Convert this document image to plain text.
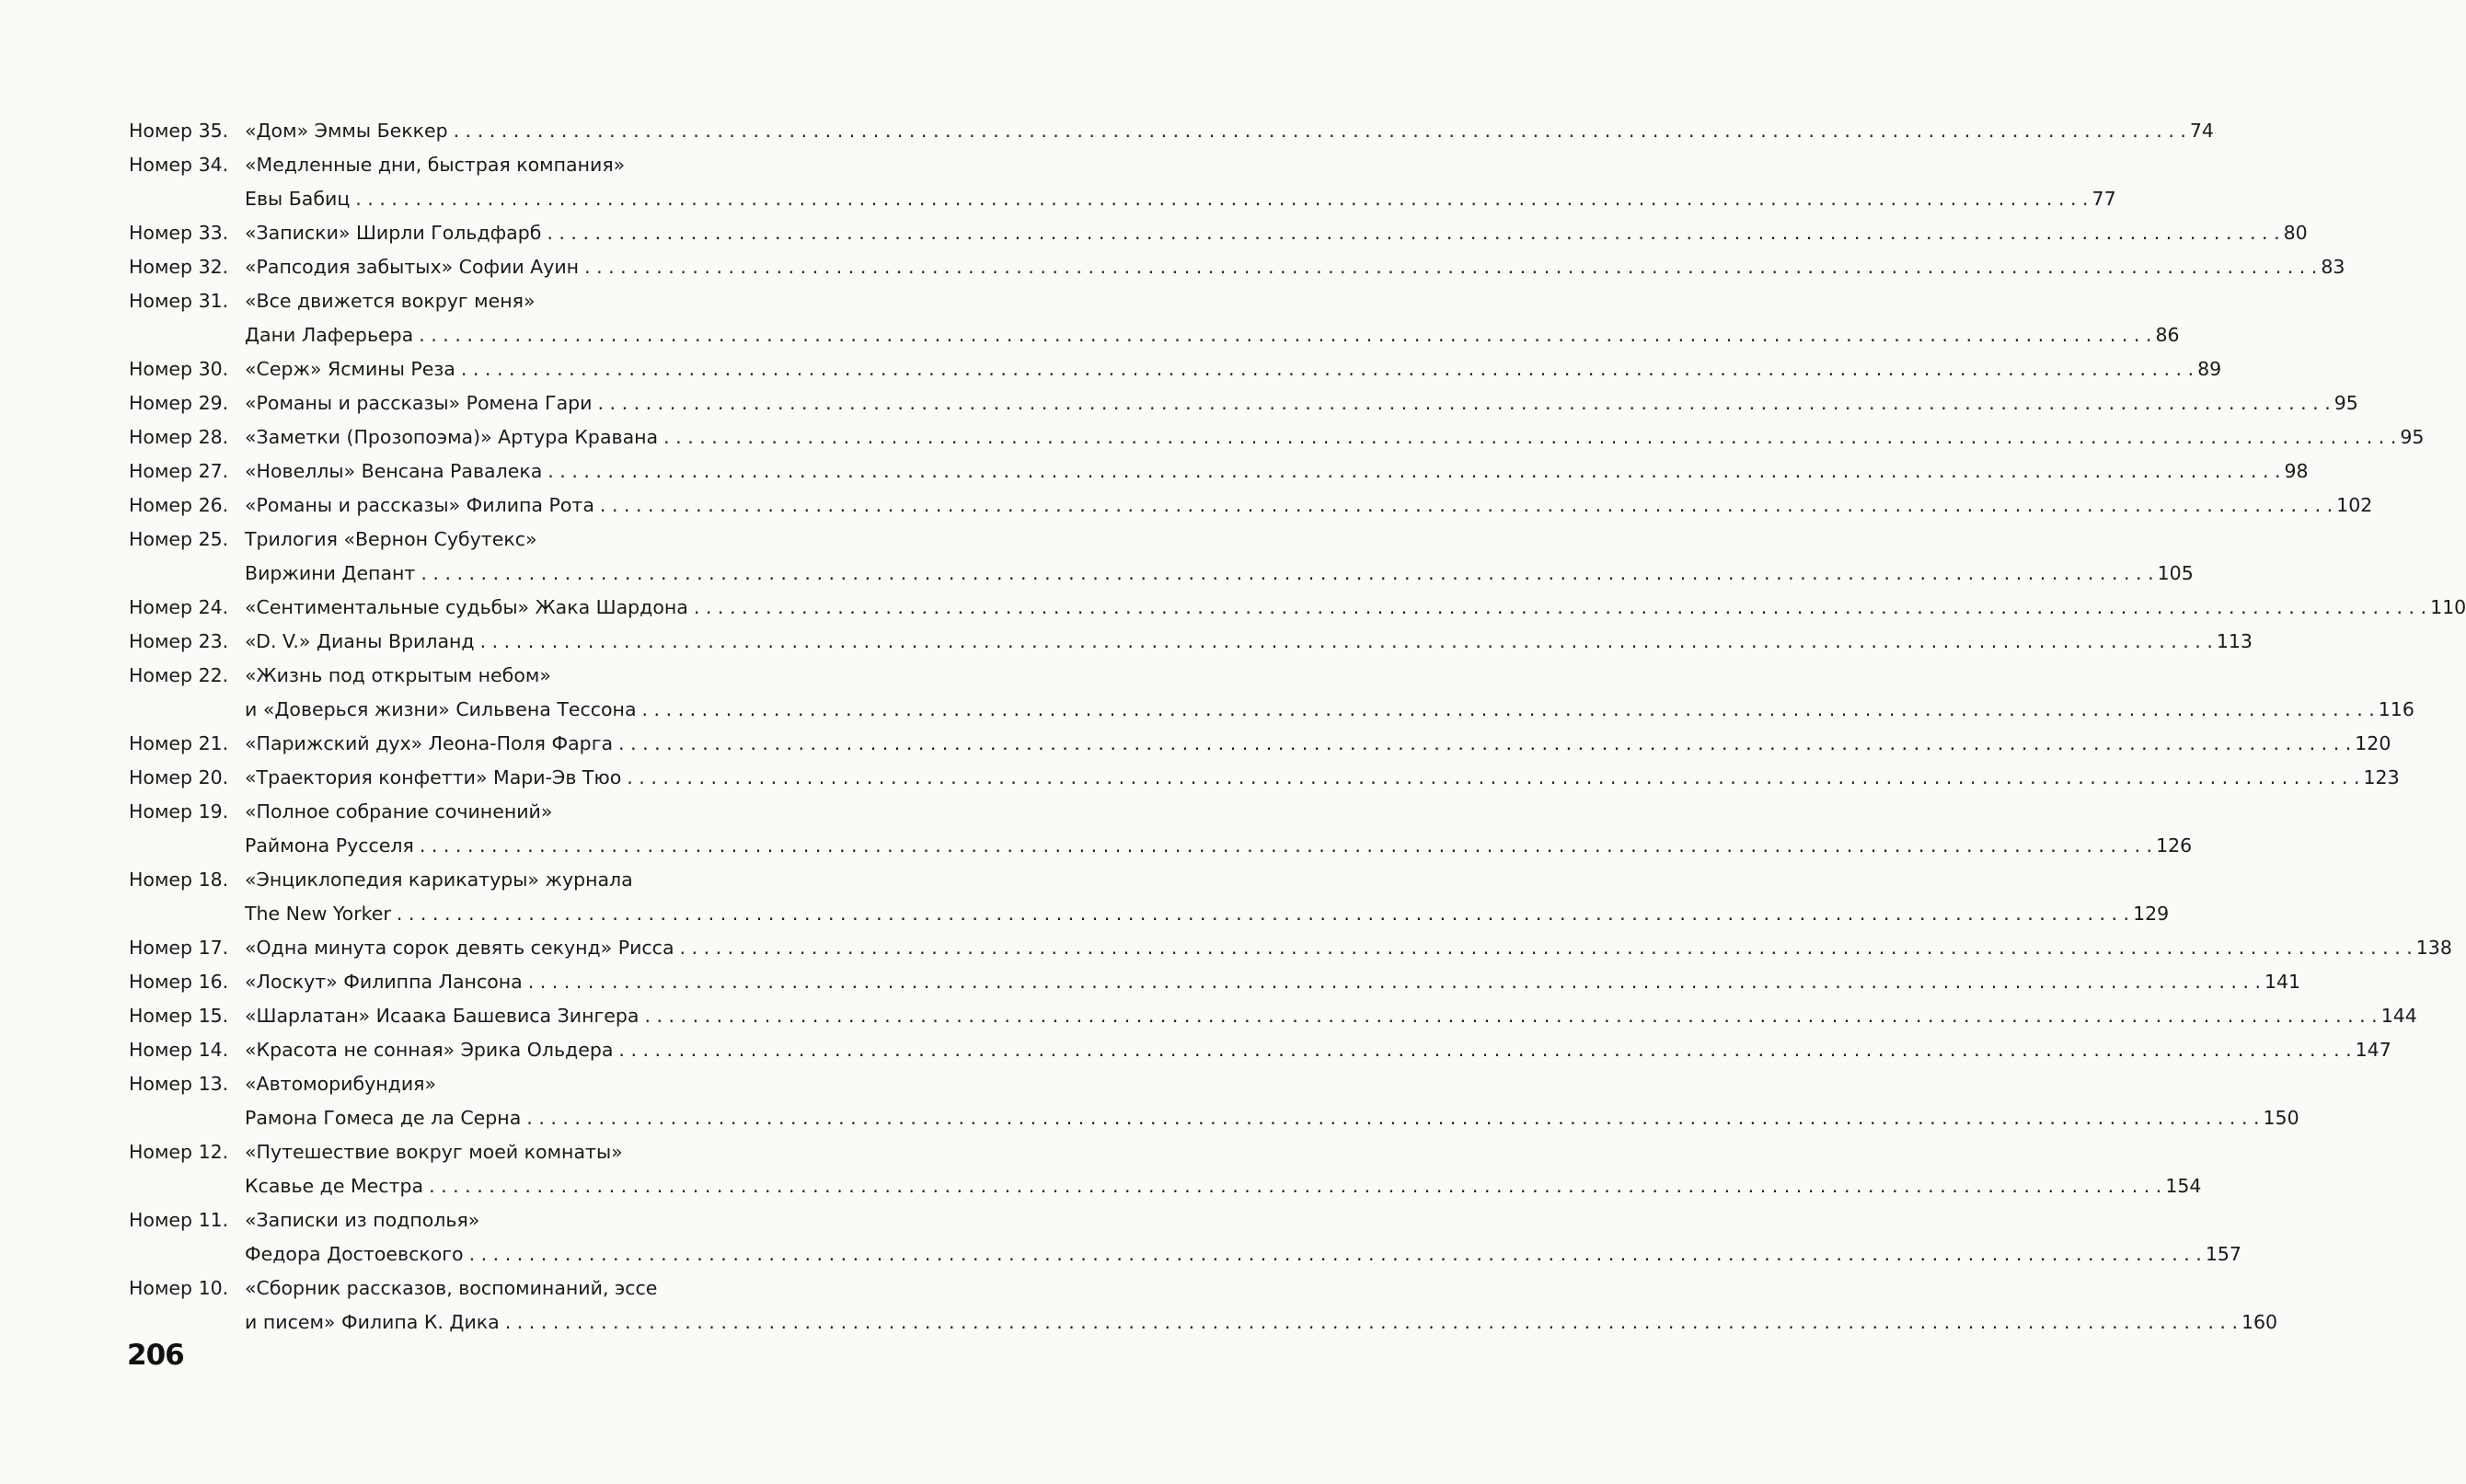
Номер 35. «Дом» Эммы Беккер . . .	74
Номер 34. «Медленные дни, быстрая компания»
Евы Бабиц . . .	77
Номер 33. «Записки» Ширли Гольдфарб . . .	80
Номер 32. «Рапсодия забытых» Софии Ауин . . .	83
Номер 31. «Все движется вокруг меня»
Дани Лаферьера . . .	86
Номер 30. «Серж» Ясмины Реза . . .	89
Номер 29. «Романы и рассказы» Ромена Гари . . .	95
Номер 28. «Заметки (Прозопоэма)» Артура Кравана . . .	95
Номер 27. «Новеллы» Венсана Равалека . . .	98
Номер 26. «Романы и рассказы» Филипа Рота . . .	102
Номер 25. Трилогия «Вернон Субутекс»
Виржини Депант . . .	105
Номер 24. «Сентиментальные судьбы» Жака Шардона . . .	110
Номер 23. «D. V.» Дианы Вриланд . . .	113
Номер 22. «Жизнь под открытым небом»
и «Доверься жизни» Сильвена Тессона . . .	116
Номер 21. «Парижский дух» Леона-Поля Фарга . . .	120
Номер 20. «Траектория конфетти» Мари-Эв Тюо . . .	123
Номер 19. «Полное собрание сочинений»
Раймона Русселя . . .	126
Номер 18. «Энциклопедия карикатуры» журнала
The New Yorker . . .	129
Номер 17. «Одна минута сорок девять секунд» Рисса . . .	138
Номер 16. «Лоскут» Филиппа Лансона . . .	141
Номер 15. «Шарлатан» Исаака Башевиса Зингера . . .	144
Номер 14. «Красота не сонная» Эрика Ольдера . . .	147
Номер 13. «Автоморибундия»
Рамона Гомеса де ла Серна . . .	150
Номер 12. «Путешествие вокруг моей комнаты»
Ксавье де Местра . . .	154
Номер 11. «Записки из подполья»
Федора Достоевского . . .	157
Номер 10. «Сборник рассказов, воспоминаний, эссе
и писем» Филипа К. Дика . . .	160
206
